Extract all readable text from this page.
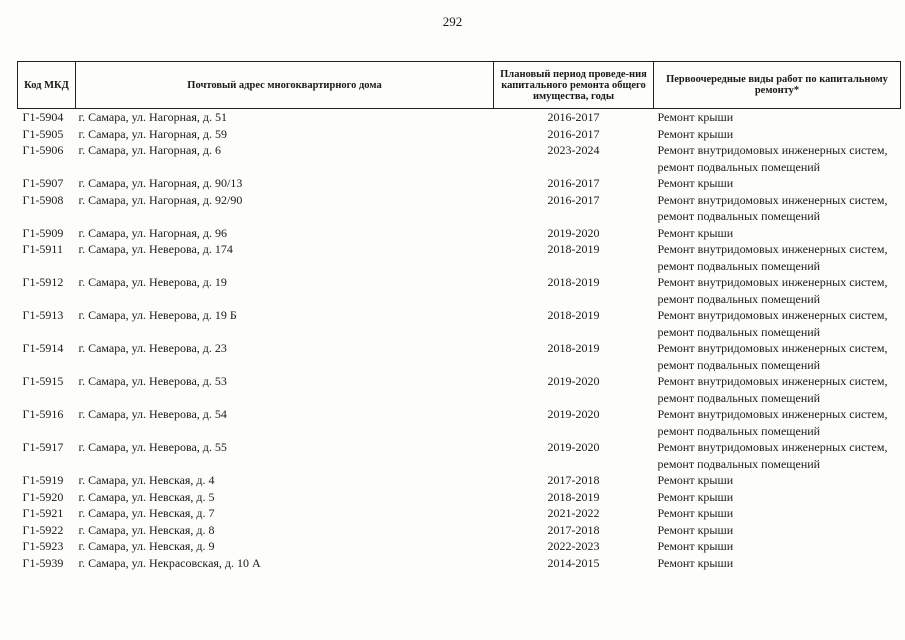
292
Код МКД	Почтовый адрес многоквартирного дома	Плановый период проведе-ния капитального ремонта общего имущества, годы	Первоочередные виды работ по капитальному ремонту*
Г1-5904	г. Самара, ул. Нагорная, д. 51	2016-2017	Ремонт крыши

Г1-5905	г. Самара, ул. Нагорная, д. 59	2016-2017	Ремонт крыши

Г1-5906	г. Самара, ул. Нагорная, д. 6	2023-2024	Ремонт внутридомовых инженерных систем,
ремонт подвальных помещений

Г1-5907	г. Самара, ул. Нагорная, д. 90/13	2016-2017	Ремонт крыши

Г1-5908	г. Самара, ул. Нагорная, д. 92/90	2016-2017	Ремонт внутридомовых инженерных систем,
ремонт подвальных помещений

Г1-5909	г. Самара, ул. Нагорная, д. 96	2019-2020	Ремонт крыши

Г1-5911	г. Самара, ул. Неверова, д. 174	2018-2019	Ремонт внутридомовых инженерных систем,
ремонт подвальных помещений

Г1-5912	г. Самара, ул. Неверова, д. 19	2018-2019	Ремонт внутридомовых инженерных систем,
ремонт подвальных помещений

Г1-5913	г. Самара, ул. Неверова, д. 19 Б	2018-2019	Ремонт внутридомовых инженерных систем,
ремонт подвальных помещений

Г1-5914	г. Самара, ул. Неверова, д. 23	2018-2019	Ремонт внутридомовых инженерных систем,
ремонт подвальных помещений

Г1-5915	г. Самара, ул. Неверова, д. 53	2019-2020	Ремонт внутридомовых инженерных систем,
ремонт подвальных помещений

Г1-5916	г. Самара, ул. Неверова, д. 54	2019-2020	Ремонт внутридомовых инженерных систем,
ремонт подвальных помещений

Г1-5917	г. Самара, ул. Неверова, д. 55	2019-2020	Ремонт внутридомовых инженерных систем,
ремонт подвальных помещений

Г1-5919	г. Самара, ул. Невская, д. 4	2017-2018	Ремонт крыши

Г1-5920	г. Самара, ул. Невская, д. 5	2018-2019	Ремонт крыши

Г1-5921	г. Самара, ул. Невская, д. 7	2021-2022	Ремонт крыши

Г1-5922	г. Самара, ул. Невская, д. 8	2017-2018	Ремонт крыши

Г1-5923	г. Самара, ул. Невская, д. 9	2022-2023	Ремонт крыши

Г1-5939	г. Самара, ул. Некрасовская, д. 10 А	2014-2015	Ремонт крыши
